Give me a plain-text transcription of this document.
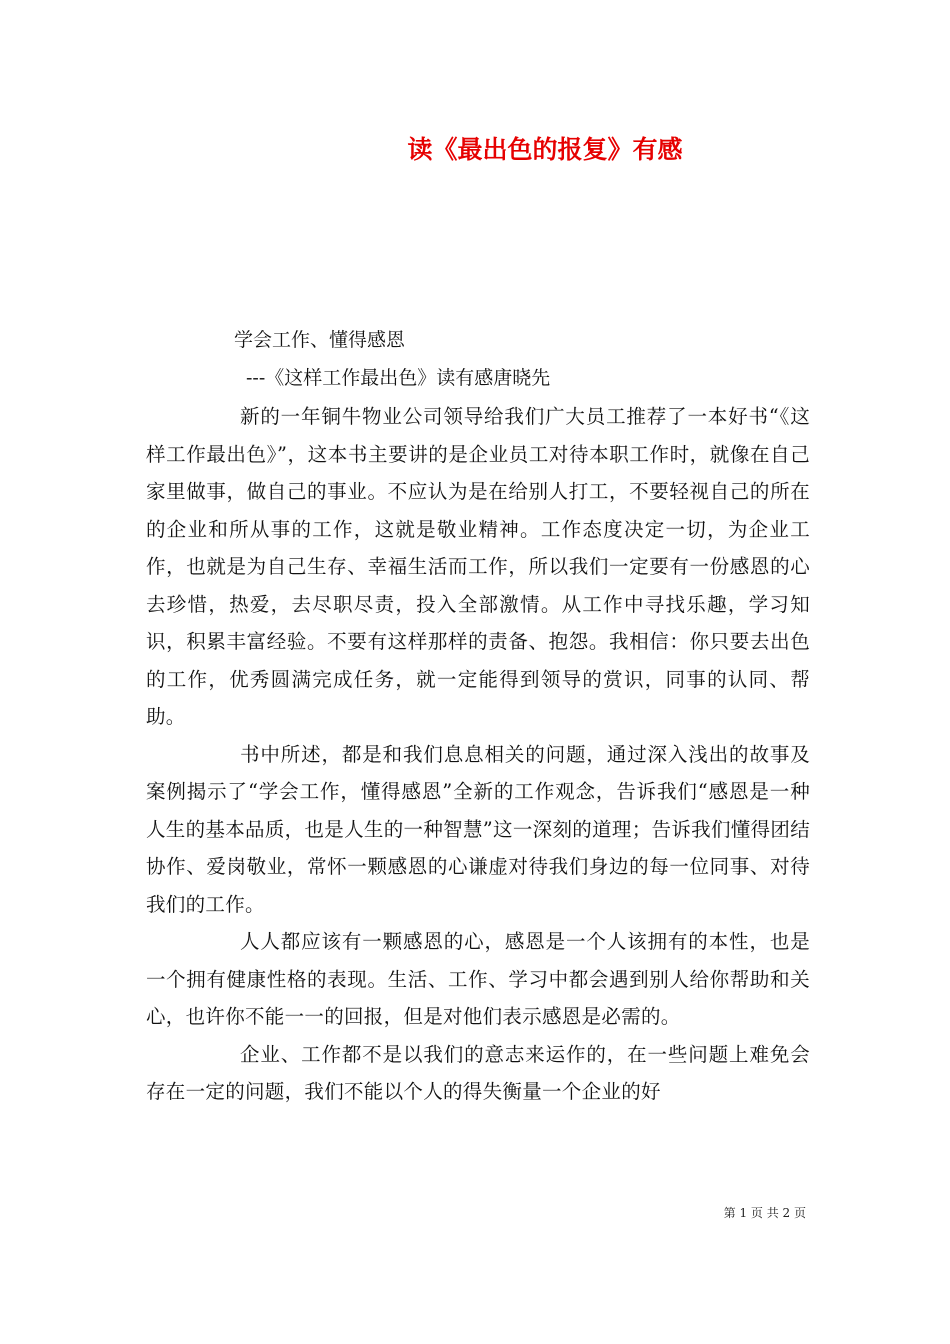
读《最出色的报复》有感
学会工作、懂得感恩
---《这样工作最出色》读有感唐晓先

新的一年铜牛物业公司领导给我们广大员工推荐了一本好书“《这样工作最出色》”，这本书主要讲的是企业员工对待本职工作时，就像在自己家里做事，做自己的事业。不应认为是在给别人打工，不要轻视自己的所在的企业和所从事的工作，这就是敬业精神。工作态度决定一切，为企业工作，也就是为自己生存、幸福生活而工作，所以我们一定要有一份感恩的心去珍惜，热爱，去尽职尽责，投入全部激情。从工作中寻找乐趣，学习知识，积累丰富经验。不要有这样那样的责备、抱怨。我相信：你只要去出色的工作，优秀圆满完成任务，就一定能得到领导的赏识，同事的认同、帮助。

书中所述，都是和我们息息相关的问题，通过深入浅出的故事及案例揭示了“学会工作，懂得感恩”全新的工作观念，告诉我们“感恩是一种人生的基本品质，也是人生的一种智慧”这一深刻的道理；告诉我们懂得团结协作、爱岗敬业，常怀一颗感恩的心谦虚对待我们身边的每一位同事、对待我们的工作。

人人都应该有一颗感恩的心，感恩是一个人该拥有的本性，也是一个拥有健康性格的表现。生活、工作、学习中都会遇到别人给你帮助和关心，也许你不能一一的回报，但是对他们表示感恩是必需的。

企业、工作都不是以我们的意志来运作的，在一些问题上难免会存在一定的问题，我们不能以个人的得失衡量一个企业的好

第 1 页 共 2 页
